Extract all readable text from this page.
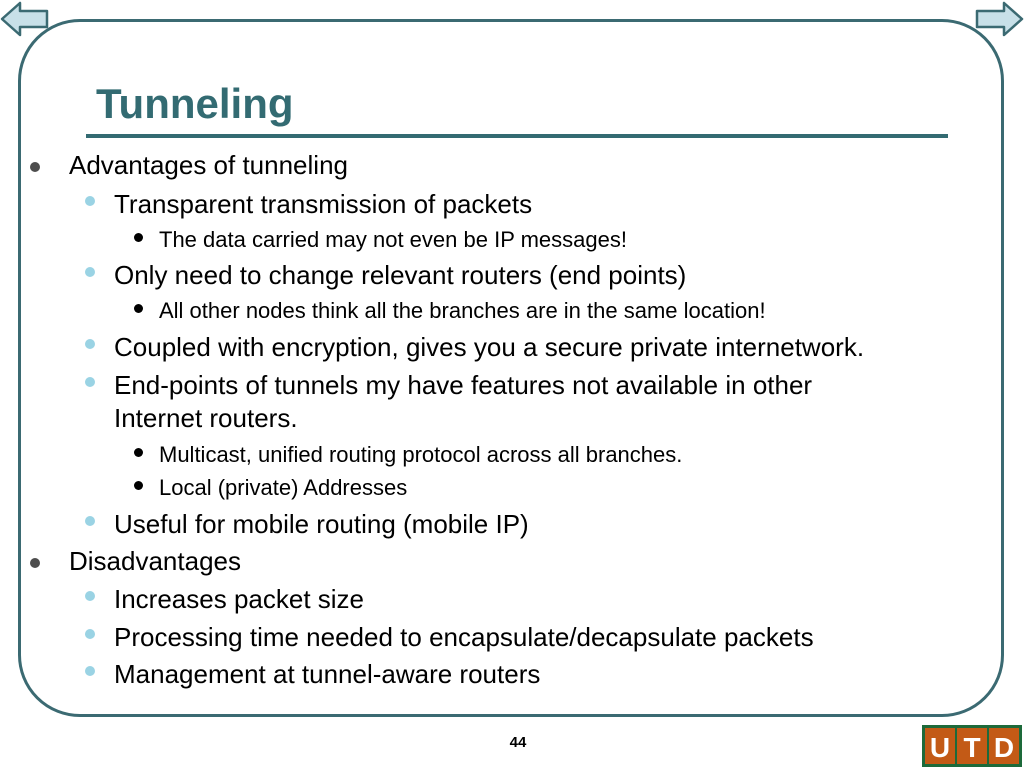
Tunneling
Advantages of tunneling
Transparent transmission of packets
The data carried may not even be IP messages!
Only need to change relevant routers (end points)
All other nodes think all the branches are in the same location!
Coupled with encryption, gives you a secure private internetwork.
End-points of tunnels my have features not available in other
Internet routers.
Multicast, unified routing protocol across all branches.
Local (private) Addresses
Useful for mobile routing (mobile IP)
Disadvantages
Increases packet size
Processing time needed to encapsulate/decapsulate packets
Management at tunnel-aware routers
44	U T D
